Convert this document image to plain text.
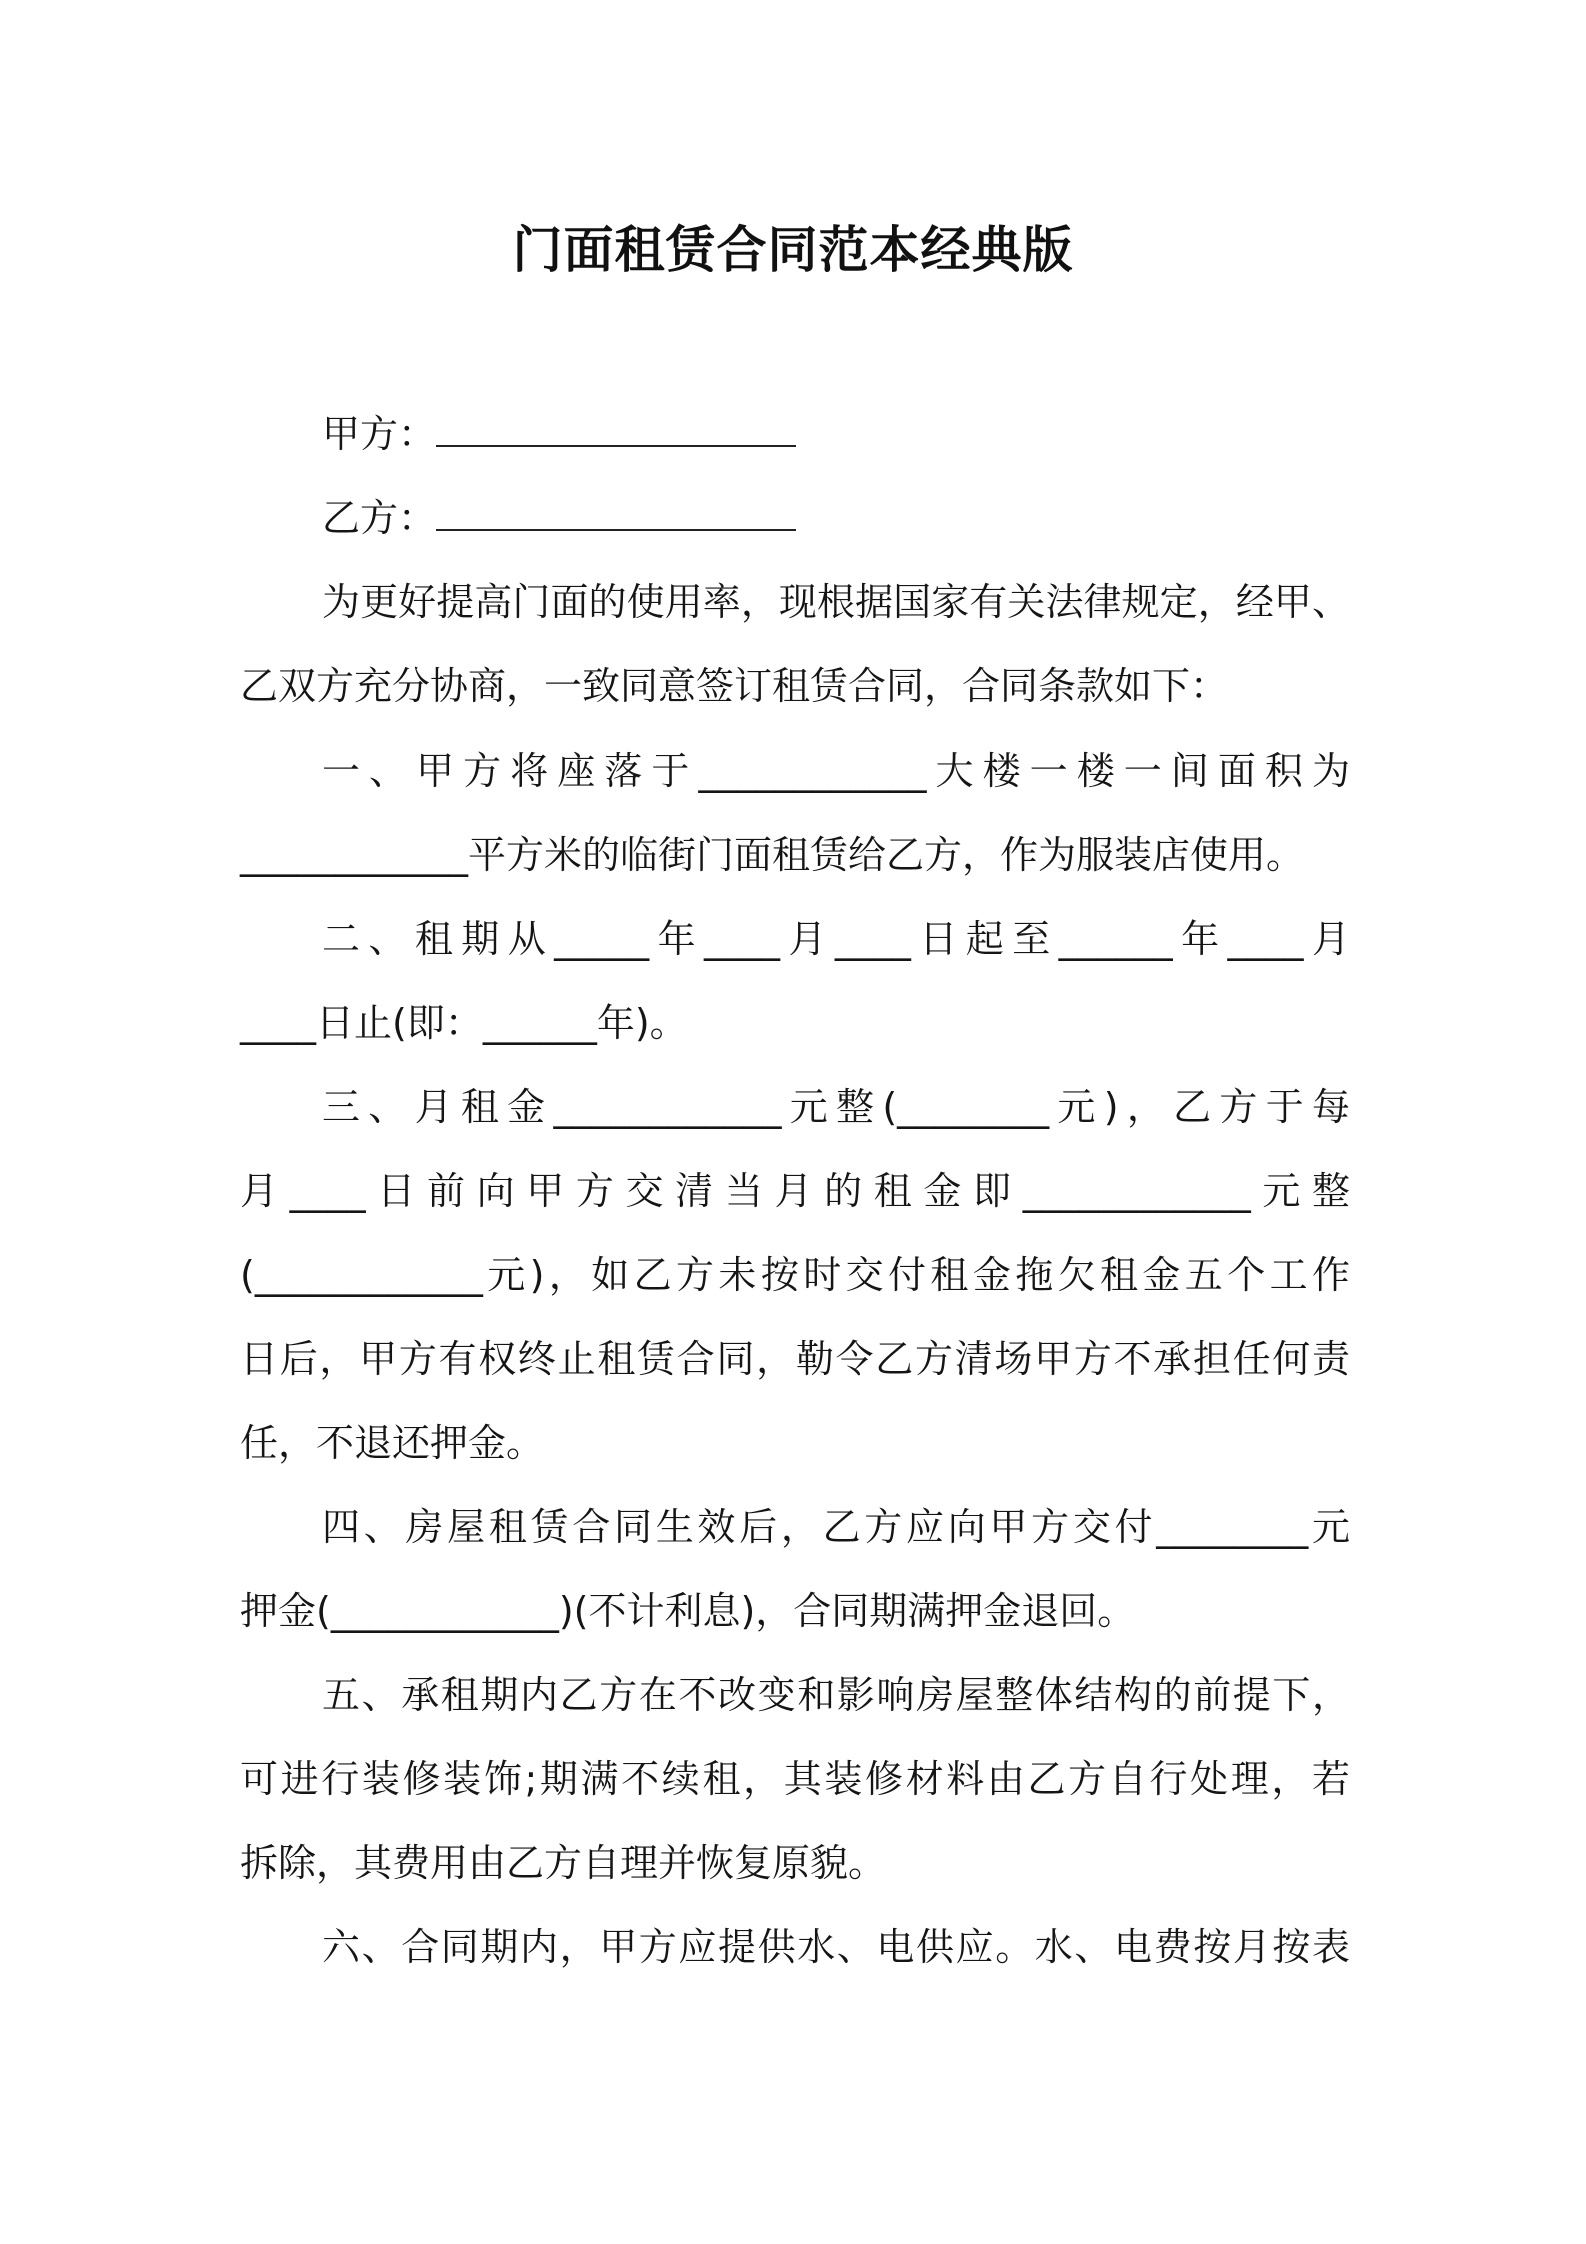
门面租赁合同范本经典版
甲方：
乙方：
为更好提高门面的使用率，现根据国家有关法律规定，经甲、
乙双方充分协商，一致同意签订租赁合同，合同条款如下：
一、甲方将座落于____________大楼一楼一间面积为
____________平方米的临街门面租赁给乙方，作为服装店使用。
二、租期从_____年____月____日起至______年____月
____日止(即：______年)。
三、月租金____________元整(________元)，乙方于每
月____日前向甲方交清当月的租金即____________元整
(____________元)，如乙方未按时交付租金拖欠租金五个工作
日后，甲方有权终止租赁合同，勒令乙方清场甲方不承担任何责
任，不退还押金。
四、房屋租赁合同生效后，乙方应向甲方交付________元
押金(____________)(不计利息)，合同期满押金退回。
五、承租期内乙方在不改变和影响房屋整体结构的前提下，
可进行装修装饰;期满不续租，其装修材料由乙方自行处理，若
拆除，其费用由乙方自理并恢复原貌。
六、合同期内，甲方应提供水、电供应。水、电费按月按表
